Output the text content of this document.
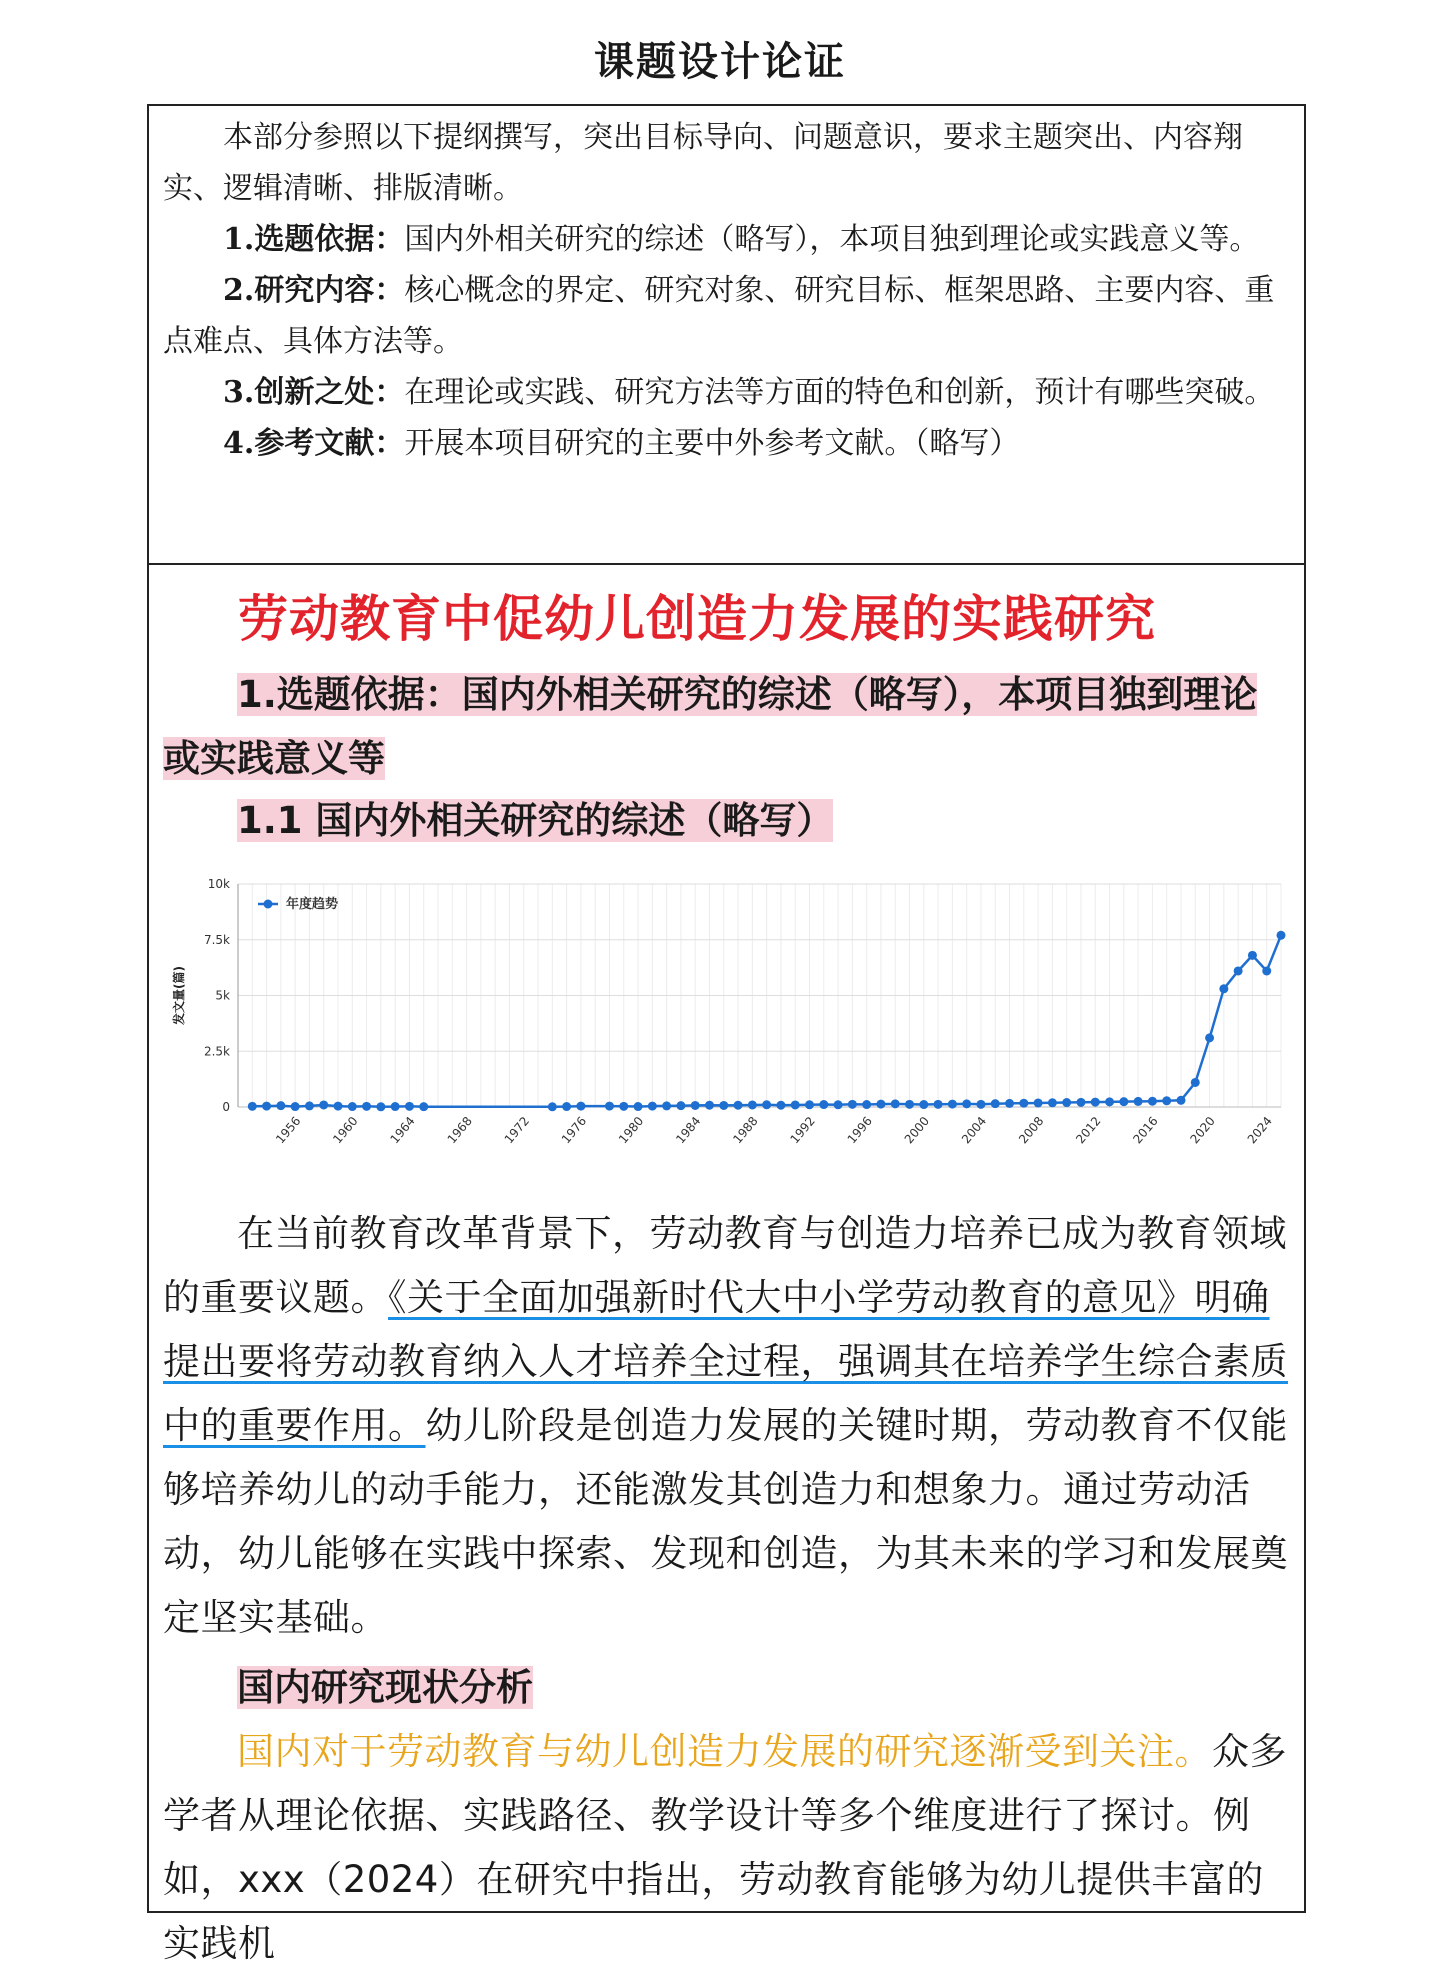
课题设计论证

本部分参照以下提纲撰写，突出目标导向、问题意识，要求主题突出、内容翔实、逻辑清晰、排版清晰。

1.选题依据：国内外相关研究的综述（略写），本项目独到理论或实践意义等。

2.研究内容：核心概念的界定、研究对象、研究目标、框架思路、主要内容、重点难点、具体方法等。

3.创新之处：在理论或实践、研究方法等方面的特色和创新，预计有哪些突破。

4.参考文献：开展本项目研究的主要中外参考文献。（略写）

劳动教育中促幼儿创造力发展的实践研究

1.选题依据：国内外相关研究的综述（略写），本项目独到理论
或实践意义等

1.1 国内外相关研究的综述（略写）

0
2.5k
5k
7.5k
10k
发文量(篇)
1956 1960 1964 1968 1972 1976 1980 1984 1988 1992 1996 2000 2004 2008 2012 2016 2020 2024
年度趋势

在当前教育改革背景下，劳动教育与创造力培养已成为教育领域的重要议题。《关于全面加强新时代大中小学劳动教育的意见》明确提出要将劳动教育纳入人才培养全过程，强调其在培养学生综合素质中的重要作用。幼儿阶段是创造力发展的关键时期，劳动教育不仅能够培养幼儿的动手能力，还能激发其创造力和想象力。通过劳动活动，幼儿能够在实践中探索、发现和创造，为其未来的学习和发展奠定坚实基础。

国内研究现状分析

国内对于劳动教育与幼儿创造力发展的研究逐渐受到关注。众多学者从理论依据、实践路径、教学设计等多个维度进行了探讨。例如，xxx（2024）在研究中指出，劳动教育能够为幼儿提供丰富的实践机
